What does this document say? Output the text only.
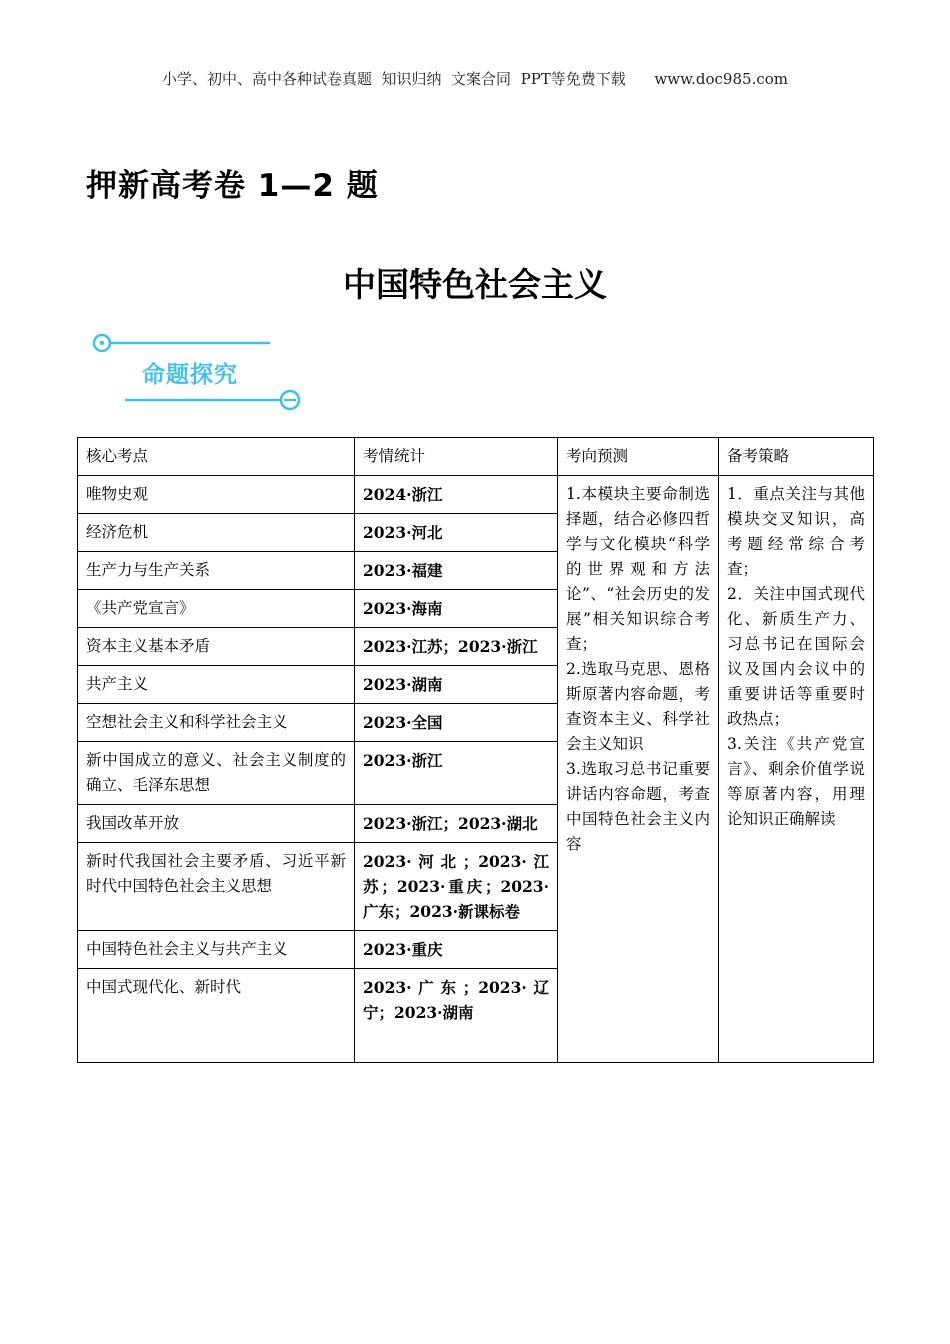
小学、初中、高中各种试卷真题  知识归纳  文案合同  PPT等免费下载      www.doc985.com
押新高考卷 1—2 题
中国特色社会主义
命题探究
核心考点	考情统计	考向预测	备考策略
唯物史观	2024·浙江	1.本模块主要命制选择题，结合必修四哲学与文化模块“科学的世界观和方法论”、“社会历史的发展”相关知识综合考查；
2.选取马克思、恩格斯原著内容命题，考查资本主义、科学社会主义知识
3.选取习总书记重要讲话内容命题，考查中国特色社会主义内容	1．重点关注与其他模块交叉知识，高考题经常综合考查；
2．关注中国式现代化、新质生产力、习总书记在国际会议及国内会议中的重要讲话等重要时政热点；
3.关注《共产党宣言》、剩余价值学说等原著内容，用理论知识正确解读

经济危机	2023·河北		
生产力与生产关系	2023·福建		
《共产党宣言》	2023·海南		
资本主义基本矛盾	2023·江苏；2023·浙江		
共产主义	2023·湖南		
空想社会主义和科学社会主义	2023·全国		
新中国成立的意义、社会主义制度的确立、毛泽东思想	2023·浙江		
我国改革开放	2023·浙江；2023·湖北		
新时代我国社会主要矛盾、习近平新时代中国特色社会主义思想	2023·河北；2023·江苏；2023·重庆；2023·广东；2023·新课标卷		
中国特色社会主义与共产主义	2023·重庆		
中国式现代化、新时代	2023·广东；2023·辽宁；2023·湖南		
